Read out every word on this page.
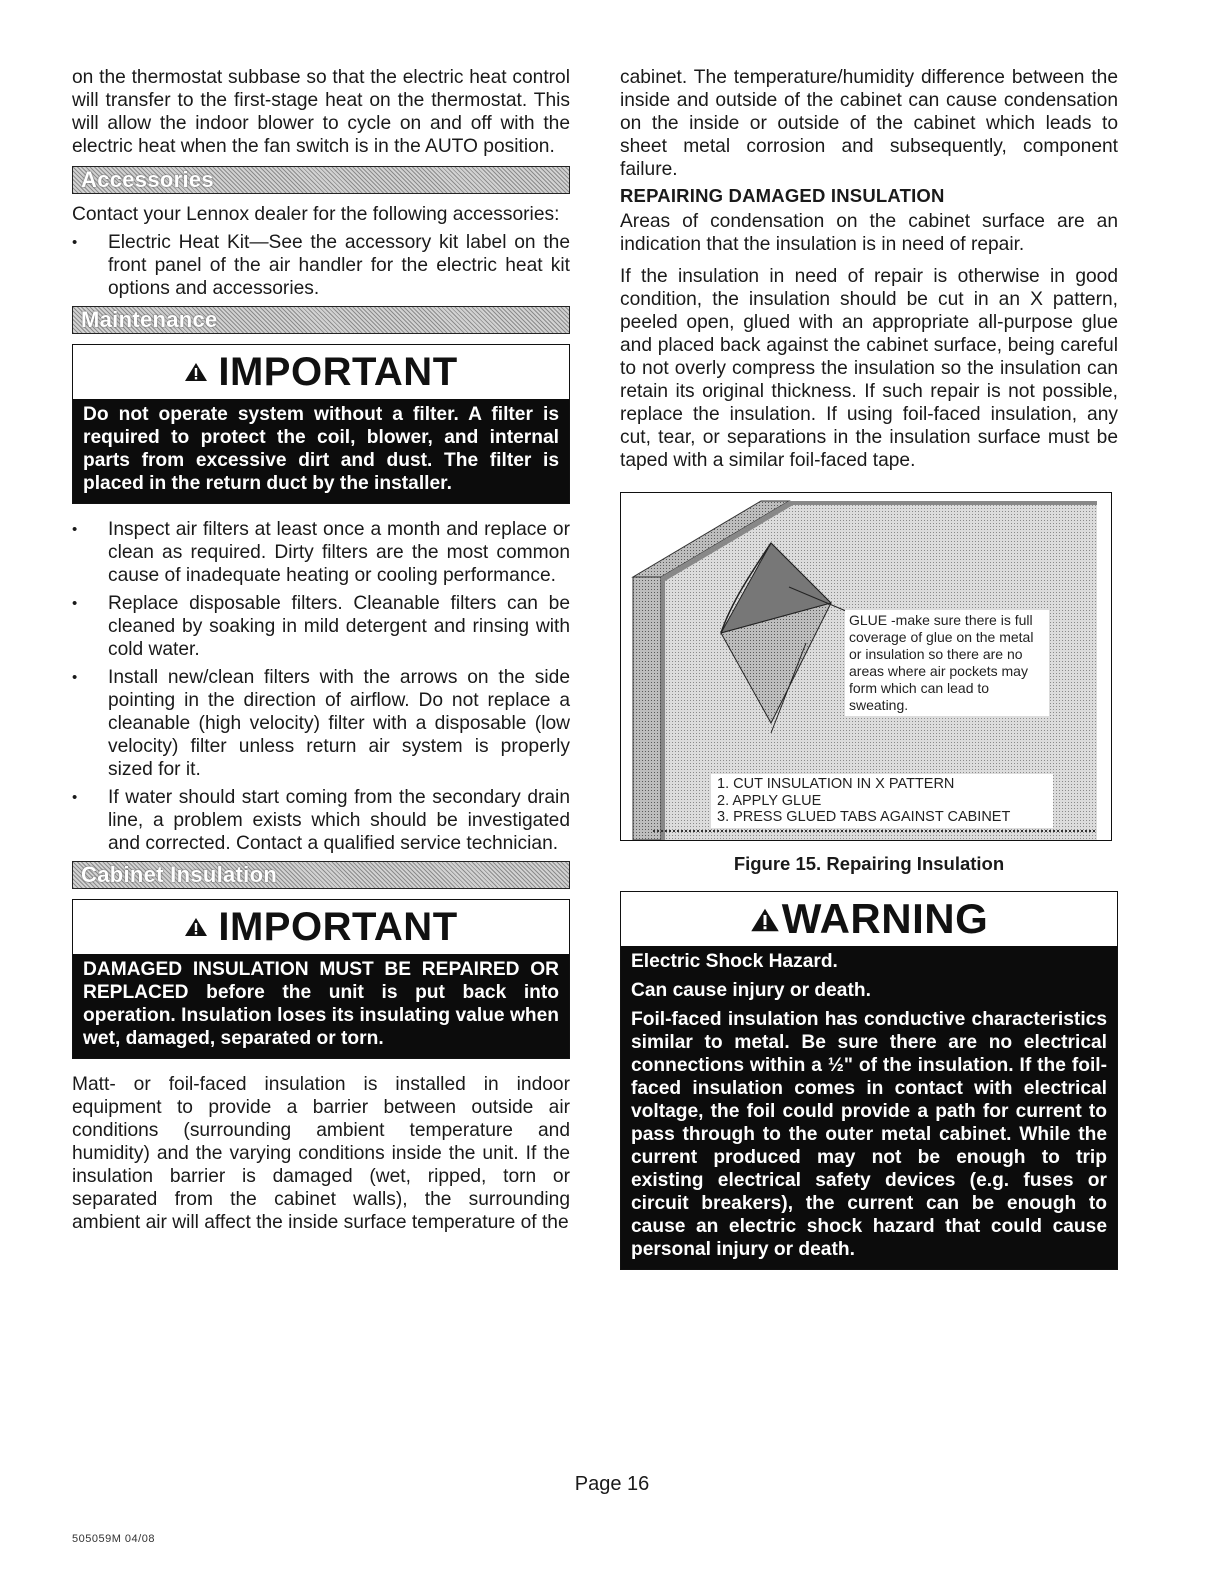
on the thermostat subbase so that the electric heat control will transfer to the first-stage heat on the thermostat. This will allow the indoor blower to cycle on and off with the electric heat when the fan switch is in the AUTO position.

Accessories

Contact your Lennox dealer for the following accessories:

• Electric Heat Kit—See the accessory kit label on the front panel of the air handler for the electric heat kit options and accessories.
Maintenance
IMPORTANT

Do not operate system without a filter. A filter is required to protect the coil, blower, and internal parts from excessive dirt and dust. The filter is placed in the return duct by the installer.

• Inspect air filters at least once a month and replace or clean as required. Dirty filters are the most common cause of inadequate heating or cooling performance.
• Replace disposable filters. Cleanable filters can be cleaned by soaking in mild detergent and rinsing with cold water.
• Install new/clean filters with the arrows on the side pointing in the direction of airflow. Do not replace a cleanable (high velocity) filter with a disposable (low velocity) filter unless return air system is properly sized for it.
• If water should start coming from the secondary drain line, a problem exists which should be investigated and corrected. Contact a qualified service technician.
Cabinet Insulation
IMPORTANT

DAMAGED INSULATION MUST BE REPAIRED OR REPLACED before the unit is put back into operation. Insulation loses its insulating value when wet, damaged, separated or torn.

Matt- or foil-faced insulation is installed in indoor equipment to provide a barrier between outside air conditions (surrounding ambient temperature and humidity) and the varying conditions inside the unit. If the insulation barrier is damaged (wet, ripped, torn or separated from the cabinet walls), the surrounding ambient air will affect the inside surface temperature of the

cabinet. The temperature/humidity difference between the inside and outside of the cabinet can cause condensation on the inside or outside of the cabinet which leads to sheet metal corrosion and subsequently, component failure.

REPAIRING DAMAGED INSULATION

Areas of condensation on the cabinet surface are an indication that the insulation is in need of repair.

If the insulation in need of repair is otherwise in good condition, the insulation should be cut in an X pattern, peeled open, glued with an appropriate all-purpose glue and placed back against the cabinet surface, being careful to not overly compress the insulation so the insulation can retain its original thickness. If such repair is not possible, replace the insulation. If using foil-faced insulation, any cut, tear, or separations in the insulation surface must be taped with a similar foil-faced tape.

GLUE -make sure there is full coverage of glue on the metal or insulation so there are no areas where air pockets may form which can lead to sweating.
1. CUT INSULATION IN X PATTERN
2. APPLY GLUE
3. PRESS GLUED TABS AGAINST CABINET
Figure 15. Repairing Insulation
WARNING

Electric Shock Hazard.

Can cause injury or death.

Foil-faced insulation has conductive characteristics similar to metal. Be sure there are no electrical connections within a ½" of the insulation. If the foil-faced insulation comes in contact with electrical voltage, the foil could provide a path for current to pass through to the outer metal cabinet. While the current produced may not be enough to trip existing electrical safety devices (e.g. fuses or circuit breakers), the current can be enough to cause an electric shock hazard that could cause personal injury or death.

Page 16
505059M 04/08
